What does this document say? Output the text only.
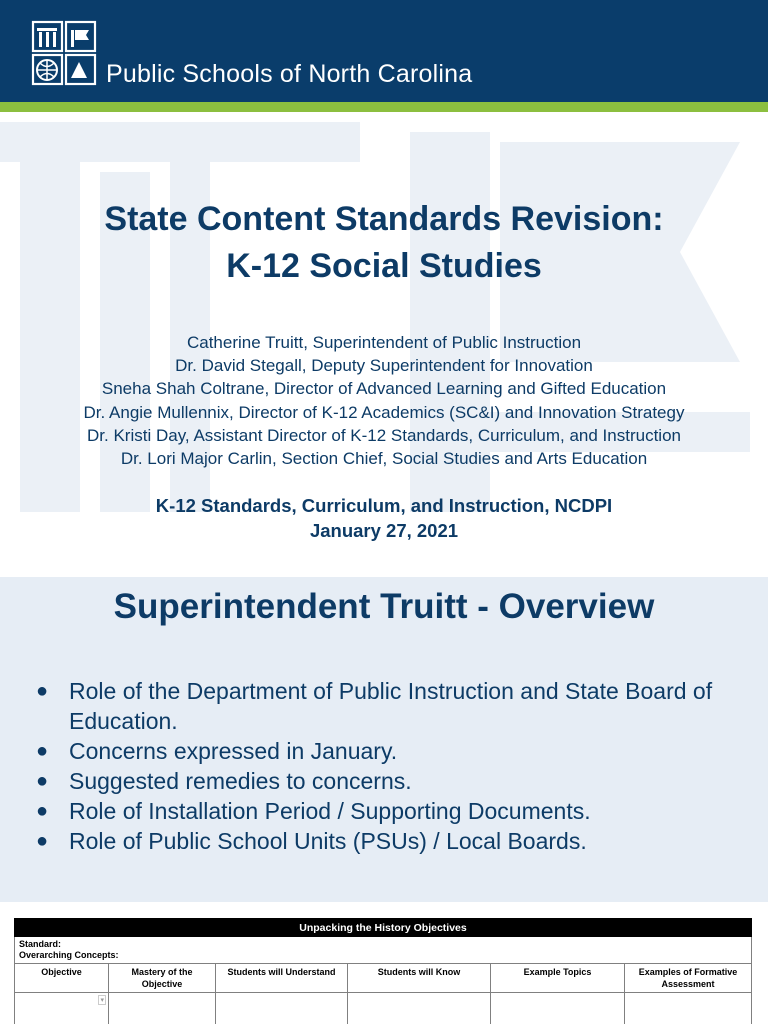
Public Schools of North Carolina
State Content Standards Revision:
K-12 Social Studies
Catherine Truitt, Superintendent of Public Instruction
Dr. David Stegall, Deputy Superintendent for Innovation
Sneha Shah Coltrane, Director of Advanced Learning and Gifted Education
Dr. Angie Mullennix, Director of K-12 Academics (SC&I) and Innovation Strategy
Dr. Kristi Day, Assistant Director of K-12 Standards, Curriculum, and Instruction
Dr. Lori Major Carlin, Section Chief, Social Studies and Arts Education
K-12 Standards, Curriculum, and Instruction, NCDPI
January 27, 2021
Superintendent Truitt - Overview
● Role of the Department of Public Instruction and State Board of Education.
● Concerns expressed in January.
● Suggested remedies to concerns.
● Role of Installation Period / Supporting Documents.
● Role of Public School Units (PSUs) / Local Boards.
Unpacking the History Objectives					

Standard:
Overarching Concepts:					

Objective	Mastery of the Objective	Students will Understand	Students will Know	Example Topics	Examples of Formative Assessment

▾					
